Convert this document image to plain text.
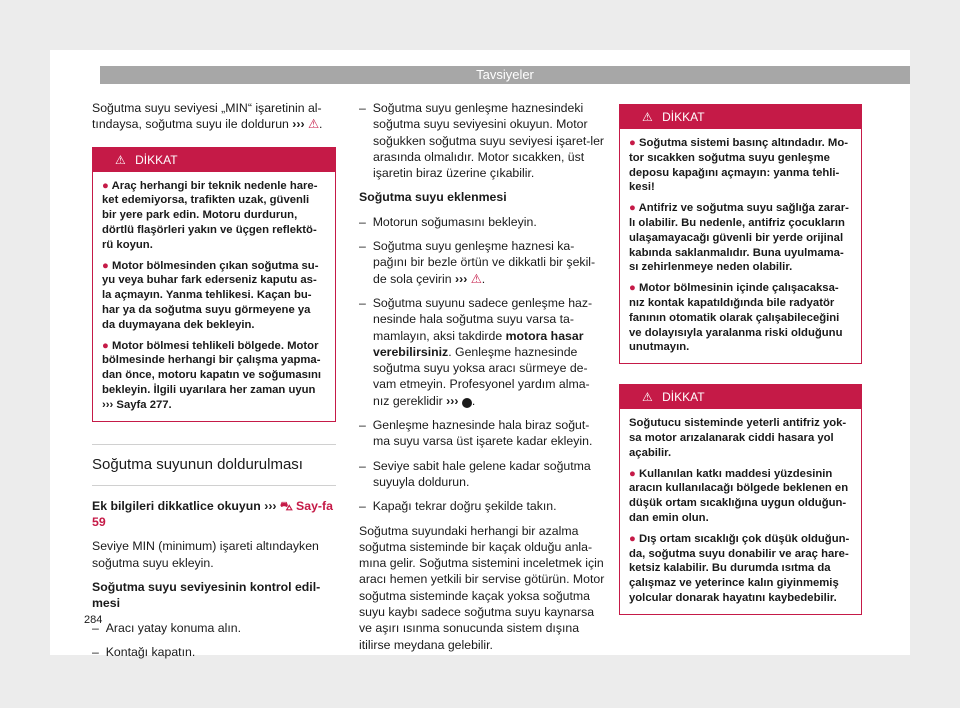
Tavsiyeler

Soğutma suyu seviyesi „MIN“ işaretinin al-tındaysa, soğutma suyu ile doldurun ››› ⚠.

⚠ DİKKAT

● Araç herhangi bir teknik nedenle hare-ket edemiyorsa, trafikten uzak, güvenli bir yere park edin. Motoru durdurun, dörtlü flaşörleri yakın ve üçgen reflektö-rü koyun.

● Motor bölmesinden çıkan soğutma su-yu veya buhar fark ederseniz kaputu as-la açmayın. Yanma tehlikesi. Kaçan bu-har ya da soğutma suyu görmeyene ya da duymayana dek bekleyin.

● Motor bölmesi tehlikeli bölgede. Motor bölmesinde herhangi bir çalışma yapma-dan önce, motoru kapatın ve soğumasını bekleyin. İlgili uyarılara her zaman uyun ››› Sayfa 277.

Soğutma suyunun doldurulması

Ek bilgileri dikkatlice okuyun ››› ⛍ Say-fa 59

Seviye MIN (minimum) işareti altındayken soğutma suyu ekleyin.

Soğutma suyu seviyesinin kontrol edil-mesi

–  Aracı yatay konuma alın.

–  Kontağı kapatın.

–  Soğutma suyu genleşme haznesindeki soğutma suyu seviyesini okuyun. Motor soğukken soğutma suyu seviyesi işaret-ler arasında olmalıdır. Motor sıcakken, üst işaretin biraz üzerine çıkabilir.

Soğutma suyu eklenmesi

–  Motorun soğumasını bekleyin.

–  Soğutma suyu genleşme haznesi ka-pağını bir bezle örtün ve dikkatli bir şekil-de sola çevirin ››› ⚠.

–  Soğutma suyunu sadece genleşme haz-nesinde hala soğutma suyu varsa ta-mamlayın, aksi takdirde motora hasar verebilirsiniz. Genleşme haznesinde soğutma suyu yoksa aracı sürmeye de-vam etmeyin. Profesyonel yardım alma-nız gereklidir ››› ! .

–  Genleşme haznesinde hala biraz soğut-ma suyu varsa üst işarete kadar ekleyin.

–  Seviye sabit hale gelene kadar soğutma suyuyla doldurun.

–  Kapağı tekrar doğru şekilde takın.

Soğutma suyundaki herhangi bir azalma soğutma sisteminde bir kaçak olduğu anla-mına gelir. Soğutma sistemini inceletmek için aracı hemen yetkili bir servise götürün. Motor soğutma sisteminde kaçak yoksa soğutma suyu kaybı sadece soğutma suyu kaynarsa ve aşırı ısınma sonucunda sistem dışına itilirse meydana gelebilir.

⚠ DİKKAT

● Soğutma sistemi basınç altındadır. Mo-tor sıcakken soğutma suyu genleşme deposu kapağını açmayın: yanma tehli-kesi!

● Antifriz ve soğutma suyu sağlığa zarar-lı olabilir. Bu nedenle, antifriz çocukların ulaşamayacağı güvenli bir yerde orijinal kabında saklanmalıdır. Buna uyulmama-sı zehirlenmeye neden olabilir.

● Motor bölmesinin içinde çalışacaksa-nız kontak kapatıldığında bile radyatör fanının otomatik olarak çalışabileceğini ve dolayısıyla yaralanma riski olduğunu unutmayın.

⚠ DİKKAT

Soğutucu sisteminde yeterli antifriz yok-sa motor arızalanarak ciddi hasara yol açabilir.

● Kullanılan katkı maddesi yüzdesinin aracın kullanılacağı bölgede beklenen en düşük ortam sıcaklığına uygun olduğun-dan emin olun.

● Dış ortam sıcaklığı çok düşük olduğun-da, soğutma suyu donabilir ve araç hare-ketsiz kalabilir. Bu durumda ısıtma da çalışmaz ve yeterince kalın giyinmemiş yolcular donarak hayatını kaybedebilir.

284
